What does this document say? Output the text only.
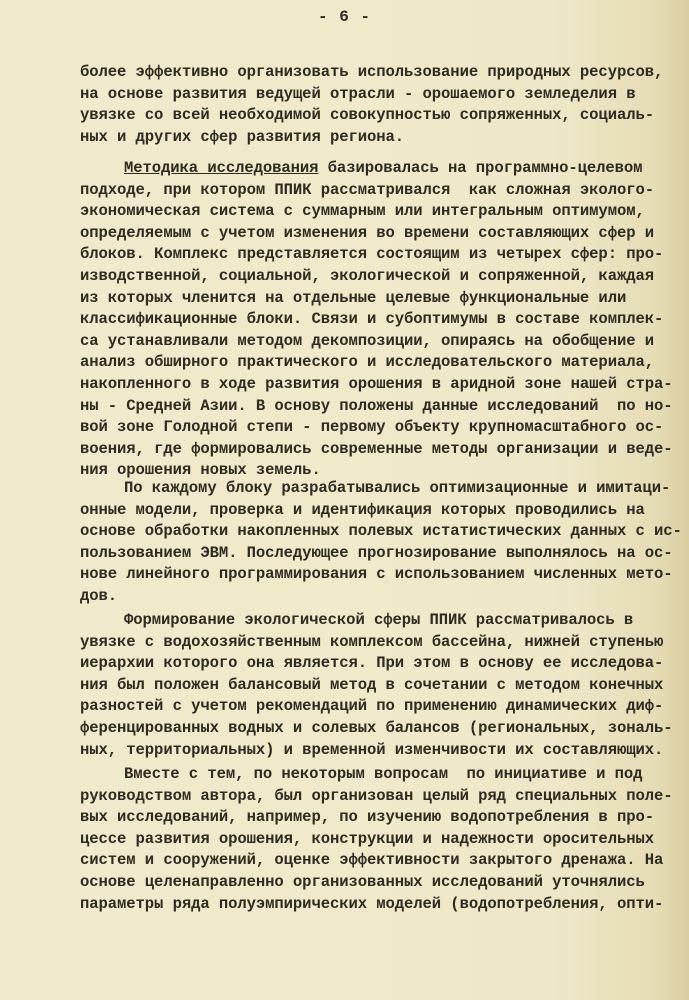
- 6 -
более эффективно организовать использование природных ресурсов,
на основе развития ведущей отрасли - орошаемого земледелия в
увязке со всей необходимой совокупностью сопряженных, социаль-
ных и других сфер развития региона.
Методика исследования базировалась на программно-целевом
подходе, при котором ППИК рассматривался  как сложная эколого-
экономическая система с суммарным или интегральным оптимумом,
определяемым с учетом изменения во времени составляющих сфер и
блоков. Комплекс представляется состоящим из четырех сфер: про-
изводственной, социальной, экологической и сопряженной, каждая
из которых членится на отдельные целевые функциональные или
классификационные блоки. Связи и субоптимумы в составе комплек-
са устанавливали методом декомпозиции, опираясь на обобщение и
анализ обширного практического и исследовательского материала,
накопленного в ходе развития орошения в аридной зоне нашей стра-
ны - Средней Азии. В основу положены данные исследований  по но-
вой зоне Голодной степи - первому объекту крупномасштабного ос-
воения, где формировались современные методы организации и веде-
ния орошения новых земель.
По каждому блоку разрабатывались оптимизационные и имитаци-
онные модели, проверка и идентификация которых проводились на
основе обработки накопленных полевых истатистических данных с ис-
пользованием ЭВМ. Последующее прогнозирование выполнялось на ос-
нове линейного программирования с использованием численных мето-
дов.
Формирование экологической сферы ППИК рассматривалось в
увязке с водохозяйственным комплексом бассейна, нижней ступенью
иерархии которого она является. При этом в основу ее исследова-
ния был положен балансовый метод в сочетании с методом конечных
разностей с учетом рекомендаций по применению динамических диф-
ференцированных водных и солевых балансов (региональных, зональ-
ных, территориальных) и временной изменчивости их составляющих.
Вместе с тем, по некоторым вопросам  по инициативе и под
руководством автора, был организован целый ряд специальных поле-
вых исследований, например, по изучению водопотребления в про-
цессе развития орошения, конструкции и надежности оросительных
систем и сооружений, оценке эффективности закрытого дренажа. На
основе целенаправленно организованных исследований уточнялись
параметры ряда полуэмпирических моделей (водопотребления, опти-
